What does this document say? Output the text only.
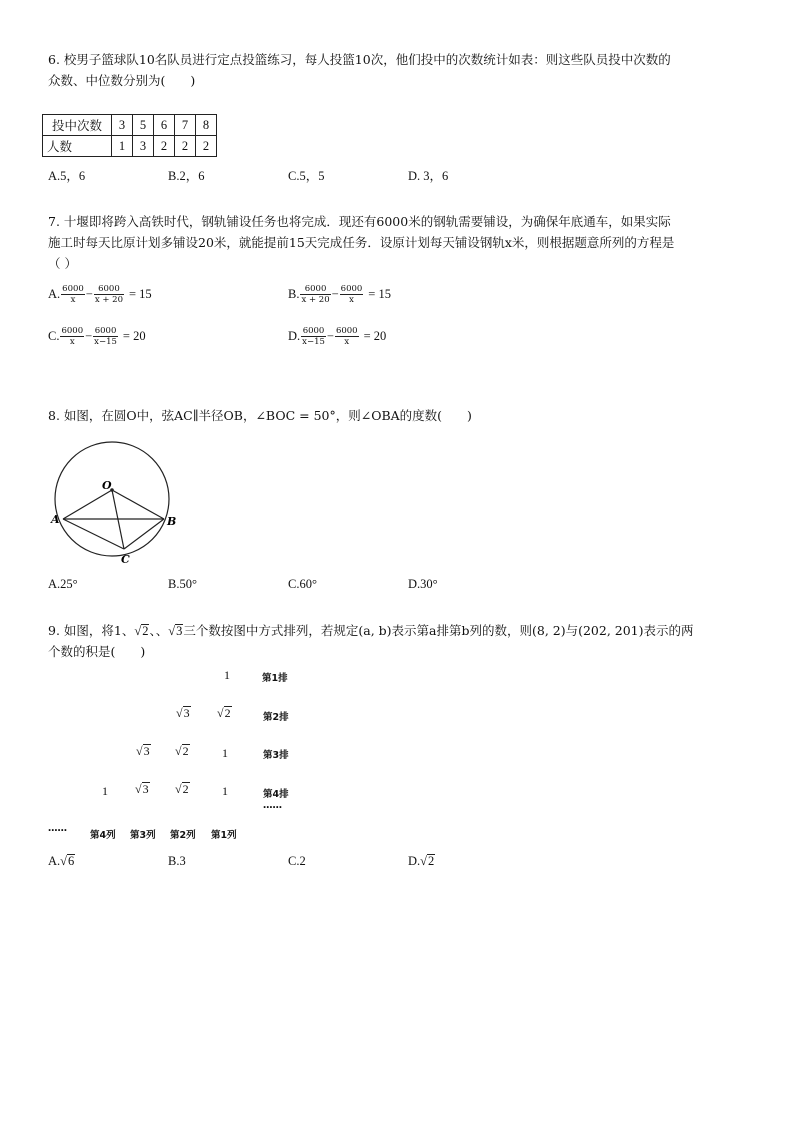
6. 校男子篮球队10名队员进行定点投篮练习，每人投篮10次，他们投中的次数统计如表：则这些队员投中次数的
众数、中位数分别为(　　)
投中次数	3	5	6	7	8
人数	1	3	2	2	2
A.5，6	B.2，6	C.5，5	D. 3，6
7. 十堰即将跨入高铁时代，钢轨铺设任务也将完成．现还有6000米的钢轨需要铺设，为确保年底通车，如果实际
施工时每天比原计划多铺设20米，就能提前15天完成任务．设原计划每天铺设钢轨x米，则根据题意所列的方程是
（ ）
A. $\frac{6000}{x} - \frac{6000}{x + 20} = 15$	B. $\frac{6000}{x + 20} - \frac{6000}{x} = 15$
C. $\frac{6000}{x} - \frac{6000}{x-15} = 20$	D. $\frac{6000}{x-15} - \frac{6000}{x} = 20$
8. 如图，在圆O中，弦AC∥半径OB，∠BOC = 50°，则∠OBA的度数(　　)
O
A	B
C
A.25°	B.50°	C.60°	D.30°
9. 如图，将1、√2、、√3三个数按图中方式排列，若规定(a, b)表示第a排第b列的数，则(8, 2)与(202, 201)表示的两
个数的积是(　　)
1	第1排
√3 √2	第2排
√3 √2	1	第3排
1 √3 √2	1	第4排
……
……
第4列 第3列 第2列 第1列
A.√6	B.3	C.2	D.√2
